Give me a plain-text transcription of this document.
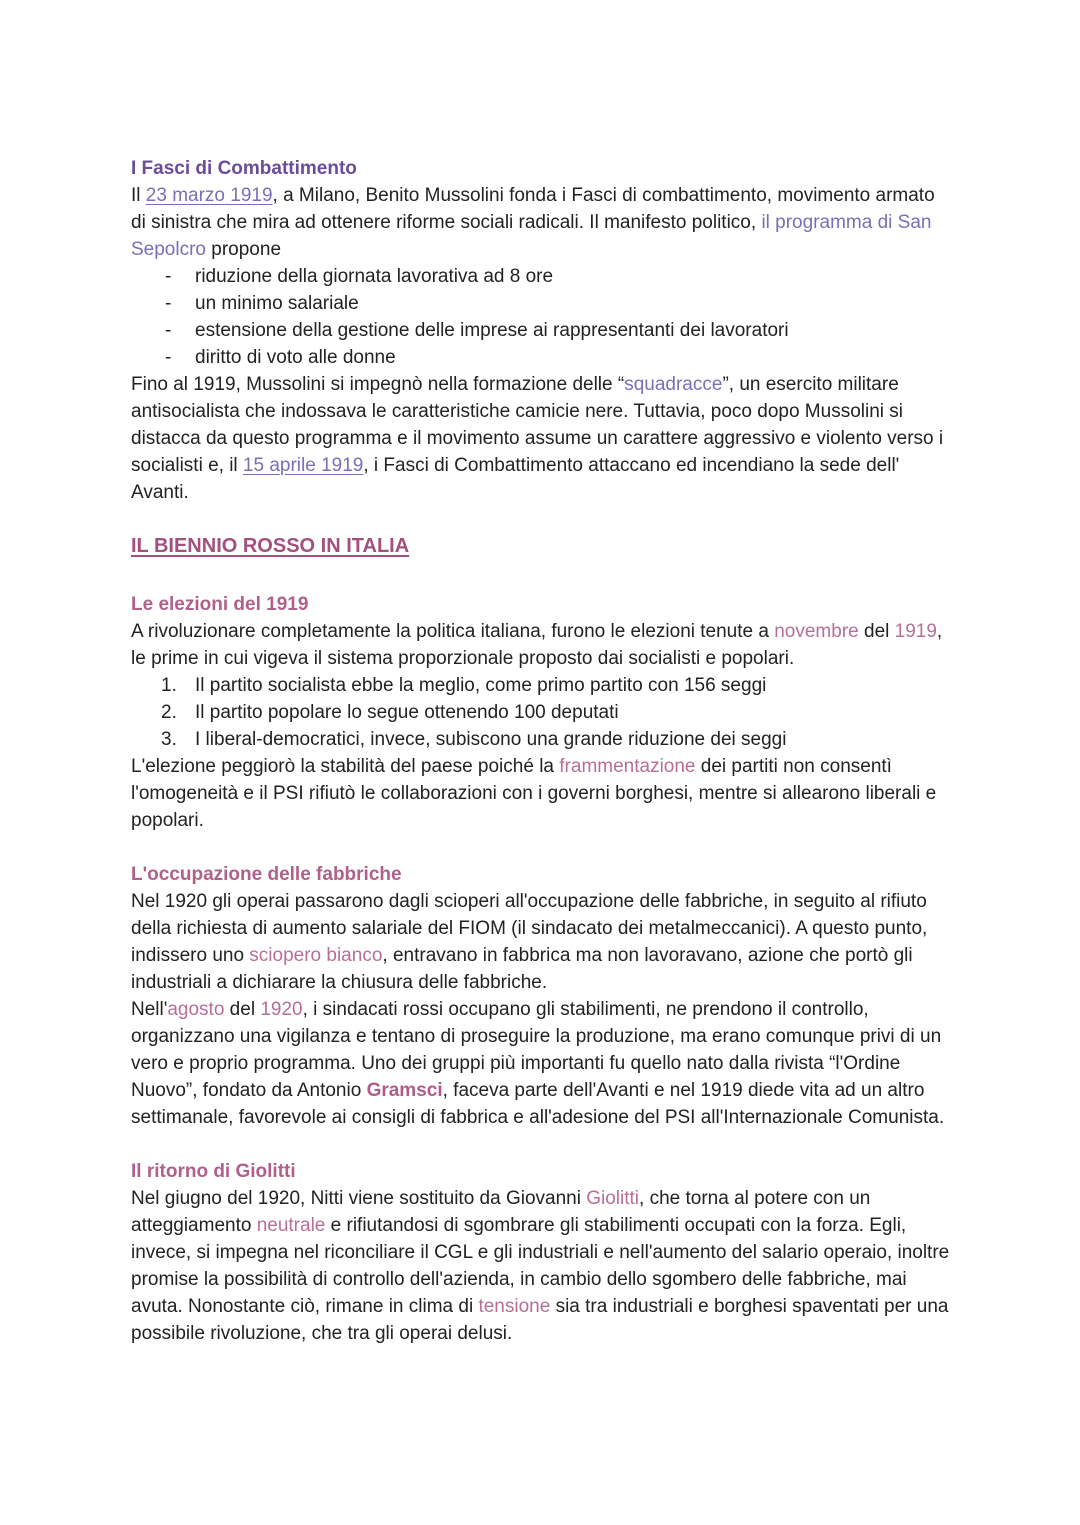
I Fasci di Combattimento

Il 23 marzo 1919, a Milano, Benito Mussolini fonda i Fasci di combattimento, movimento armato di sinistra che mira ad ottenere riforme sociali radicali. Il manifesto politico, il programma di San Sepolcro propone

- riduzione della giornata lavorativa ad 8 ore
- un minimo salariale
- estensione della gestione delle imprese ai rappresentanti dei lavoratori
- diritto di voto alle donne

Fino al 1919, Mussolini si impegnò nella formazione delle “squadracce”, un esercito militare antisocialista che indossava le caratteristiche camicie nere. Tuttavia, poco dopo Mussolini si distacca da questo programma e il movimento assume un carattere aggressivo e violento verso i socialisti e, il 15 aprile 1919, i Fasci di Combattimento attaccano ed incendiano la sede dell' Avanti.

IL BIENNIO ROSSO IN ITALIA

Le elezioni del 1919

A rivoluzionare completamente la politica italiana, furono le elezioni tenute a novembre del 1919, le prime in cui vigeva il sistema proporzionale proposto dai socialisti e popolari.

1. Il partito socialista ebbe la meglio, come primo partito con 156 seggi
2. Il partito popolare lo segue ottenendo 100 deputati
3. I liberal-democratici, invece, subiscono una grande riduzione dei seggi

L'elezione peggiorò la stabilità del paese poiché la frammentazione dei partiti non consentì l'omogeneità e il PSI rifiutò le collaborazioni con i governi borghesi, mentre si allearono liberali e popolari.

L'occupazione delle fabbriche

Nel 1920 gli operai passarono dagli scioperi all'occupazione delle fabbriche, in seguito al rifiuto della richiesta di aumento salariale del FIOM (il sindacato dei metalmeccanici). A questo punto, indissero uno sciopero bianco, entravano in fabbrica ma non lavoravano, azione che portò gli industriali a dichiarare la chiusura delle fabbriche.

Nell'agosto del 1920, i sindacati rossi occupano gli stabilimenti, ne prendono il controllo, organizzano una vigilanza e tentano di proseguire la produzione, ma erano comunque privi di un vero e proprio programma. Uno dei gruppi più importanti fu quello nato dalla rivista “l'Ordine Nuovo”, fondato da Antonio Gramsci, faceva parte dell'Avanti e nel 1919 diede vita ad un altro settimanale, favorevole ai consigli di fabbrica e all'adesione del PSI all'Internazionale Comunista.

Il ritorno di Giolitti

Nel giugno del 1920, Nitti viene sostituito da Giovanni Giolitti, che torna al potere con un atteggiamento neutrale e rifiutandosi di sgombrare gli stabilimenti occupati con la forza. Egli, invece, si impegna nel riconciliare il CGL e gli industriali e nell'aumento del salario operaio, inoltre promise la possibilità di controllo dell'azienda, in cambio dello sgombero delle fabbriche, mai avuta. Nonostante ciò, rimane in clima di tensione sia tra industriali e borghesi spaventati per una possibile rivoluzione, che tra gli operai delusi.
